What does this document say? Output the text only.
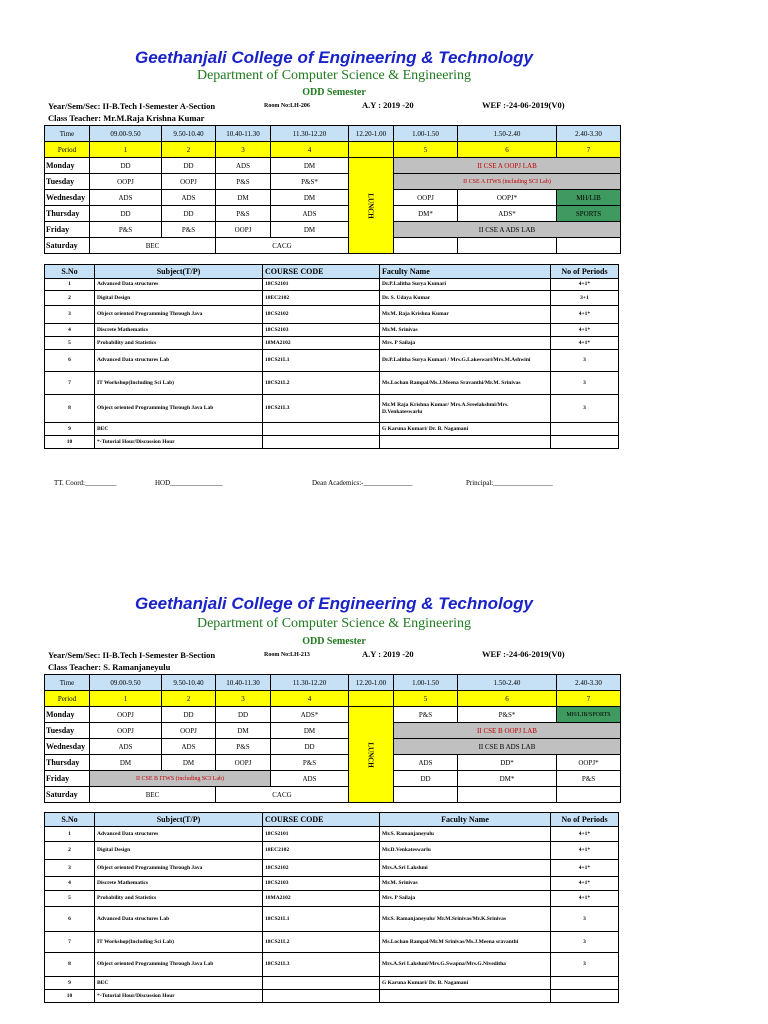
Geethanjali College of Engineering & Technology
Department of Computer Science & Engineering
ODD Semester
Year/Sem/Sec: II-B.Tech I-Semester A-Section	Room No:LH-206	A.Y : 2019 -20	WEF :-24-06-2019(V0)
Class Teacher: Mr.M.Raja Krishna Kumar
Time	09.00-9.50	9.50-10.40	10.40-11.30	11.30-12.20	12.20-1.00	1.00-1.50	1.50-2.40	2.40-3.30
Period	1	2	3	4		5	6	7
Monday	DD	DD	ADS	DM	LUNCH	II CSE A OOPJ LAB		
Tuesday	OOPJ	OOPJ	P&S	P&S*		II CSE A ITWS (including SCI Lab)		
Wednesday	ADS	ADS	DM	DM		OOPJ	OOPJ*	MH/LIB
Thursday	DD	DD	P&S	ADS		DM*	ADS*	SPORTS
Friday	P&S	P&S	OOPJ	DM		II CSE A ADS LAB		
Saturday	BEC		CACG					
S.No	Subject(T/P)	COURSE CODE	Faculty Name	No of Periods
1	Advanced Data structures	18CS2101	Dr.P.Lalitha Surya Kumari	4+1*
2	Digital Design	18EC2102	Dr. S. Udaya Kumar	3+1
3	Object oriented Programming Through Java	18CS2102	Mr.M. Raja Krishna Kumar	4+1*
4	Discrete Mathematics	18CS2103	Mr.M. Srinivas	4+1*
5	Probability and Statistics	18MA2102	Mrs. P Sailaja	4+1*
6	Advanced Data structures Lab	18CS21L1	Dr.P.Lalitha Surya Kumari / Mrs.G.Lakeswari/Mrs.M.Ashwini	3
7	IT Workshop(Including Sci Lab)	18CS21L2	Ms.Lochan Rampal/Ms.J.Meena Sravanthi/Mr.M. Srinivas	3
8	Object oriented Programming Through Java Lab	18CS21L3	Mr.M Raja Krishna Kumar/ Mrs.A.Sreelakshmi/Mrs. D.Venkateswarlu	3
9	BEC		G Karuna Kumari/ Dr. B. Nagamani	
10	*-Tutorial Hour/Discussion Hour			
TT. Coord:_________	HOD_______________	Dean Academics:-______________	Principal:_________________
Geethanjali College of Engineering & Technology
Department of Computer Science & Engineering
ODD Semester
Year/Sem/Sec: II-B.Tech I-Semester B-Section	Room No:LH-213	A.Y : 2019 -20	WEF :-24-06-2019(V0)
Class Teacher: S. Ramanjaneyulu
Time	09.00-9.50	9.50-10.40	10.40-11.30	11.30-12.20	12.20-1.00	1.00-1.50	1.50-2.40	2.40-3.30
Period	1	2	3	4		5	6	7
Monday	OOPJ	DD	DD	ADS*	LUNCH	P&S	P&S*	MH/LIB/SPORTS
Tuesday	OOPJ	OOPJ	DM	DM		II CSE B OOPJ LAB		
Wednesday	ADS	ADS	P&S	DD		II CSE B ADS LAB		
Thursday	DM	DM	OOPJ	P&S		ADS	DD*	OOPJ*
Friday	II CSE B ITWS (including SCI Lab)			ADS		DD	DM*	P&S
Saturday	BEC		CACG					
S.No	Subject(T/P)	COURSE CODE	Faculty Name	No of Periods
1	Advanced Data structures	18CS2101	Mr.S. Ramanjaneyulu	4+1*
2	Digital Design	18EC2102	Mr.D.Venkateswarlu	4+1*
3	Object oriented Programming Through Java	18CS2102	Mrs.A.Sri Lakshmi	4+1*
4	Discrete Mathematics	18CS2103	Mr.M. Srinivas	4+1*
5	Probability and Statistics	18MA2102	Mrs. P Sailaja	4+1*
6	Advanced Data structures Lab	18CS21L1	Mr.S. Ramanjaneyulu/ Mr.M.Srinivas/Mr.K.Srinivas	3
7	IT Workshop(Including Sci Lab)	18CS21L2	Ms.Lochan Rampal/Mr.M Srinivas/Ms.J.Meena sravanthi	3
8	Object oriented Programming Through Java Lab	18CS21L3	Mrs.A.Sri Lakshmi/Mrs.G.Swapna/Mrs.G.Niveditha	3
9	BEC		G Karuna Kumari/ Dr. B. Nagamani	
10	*-Tutorial Hour/Discussion Hour			
